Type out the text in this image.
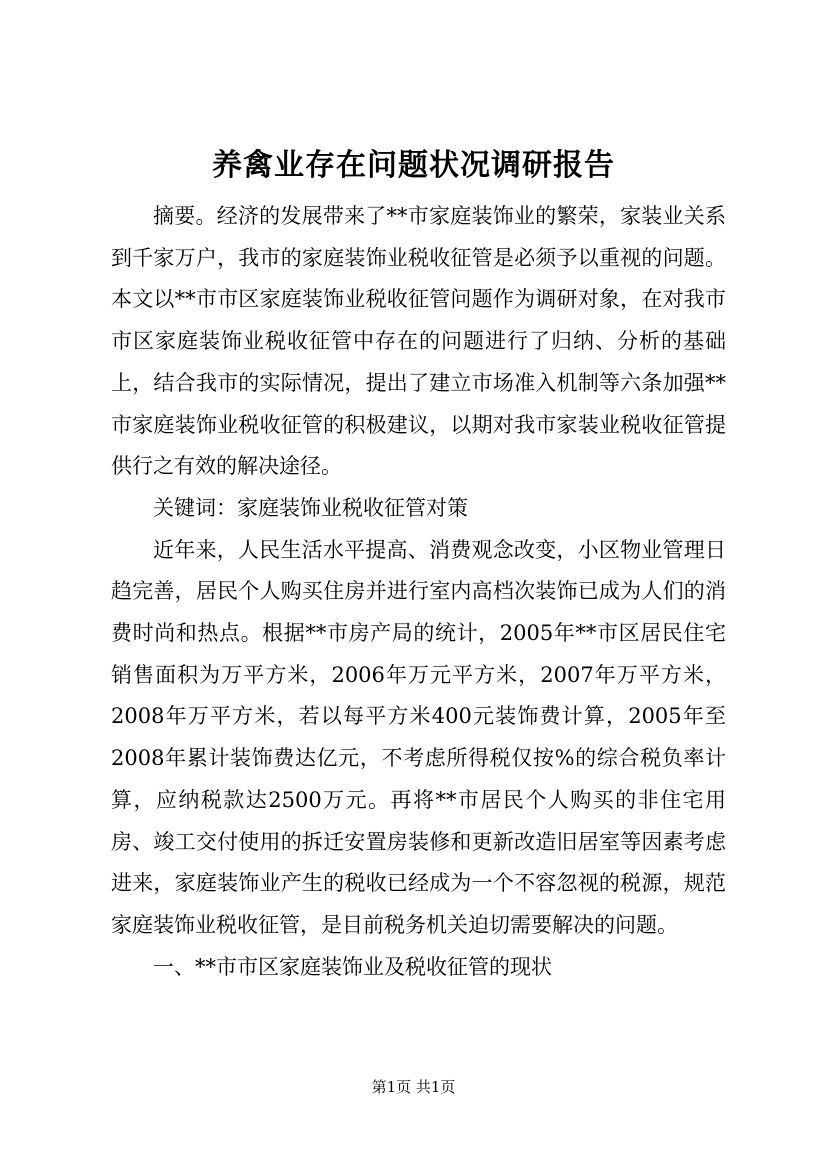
养禽业存在问题状况调研报告

摘要。经济的发展带来了**市家庭装饰业的繁荣，家装业关系到千家万户，我市的家庭装饰业税收征管是必须予以重视的问题。本文以**市市区家庭装饰业税收征管问题作为调研对象，在对我市市区家庭装饰业税收征管中存在的问题进行了归纳、分析的基础上，结合我市的实际情况，提出了建立市场准入机制等六条加强**市家庭装饰业税收征管的积极建议，以期对我市家装业税收征管提供行之有效的解决途径。

关键词：家庭装饰业税收征管对策

近年来，人民生活水平提高、消费观念改变，小区物业管理日趋完善，居民个人购买住房并进行室内高档次装饰已成为人们的消费时尚和热点。根据**市房产局的统计，2005年**市区居民住宅销售面积为万平方米，2006年万元平方米，2007年万平方米，2008年万平方米，若以每平方米400元装饰费计算，2005年至2008年累计装饰费达亿元，不考虑所得税仅按%的综合税负率计算，应纳税款达2500万元。再将**市居民个人购买的非住宅用房、竣工交付使用的拆迁安置房装修和更新改造旧居室等因素考虑进来，家庭装饰业产生的税收已经成为一个不容忽视的税源，规范家庭装饰业税收征管，是目前税务机关迫切需要解决的问题。

一、**市市区家庭装饰业及税收征管的现状

第1页 共1页
